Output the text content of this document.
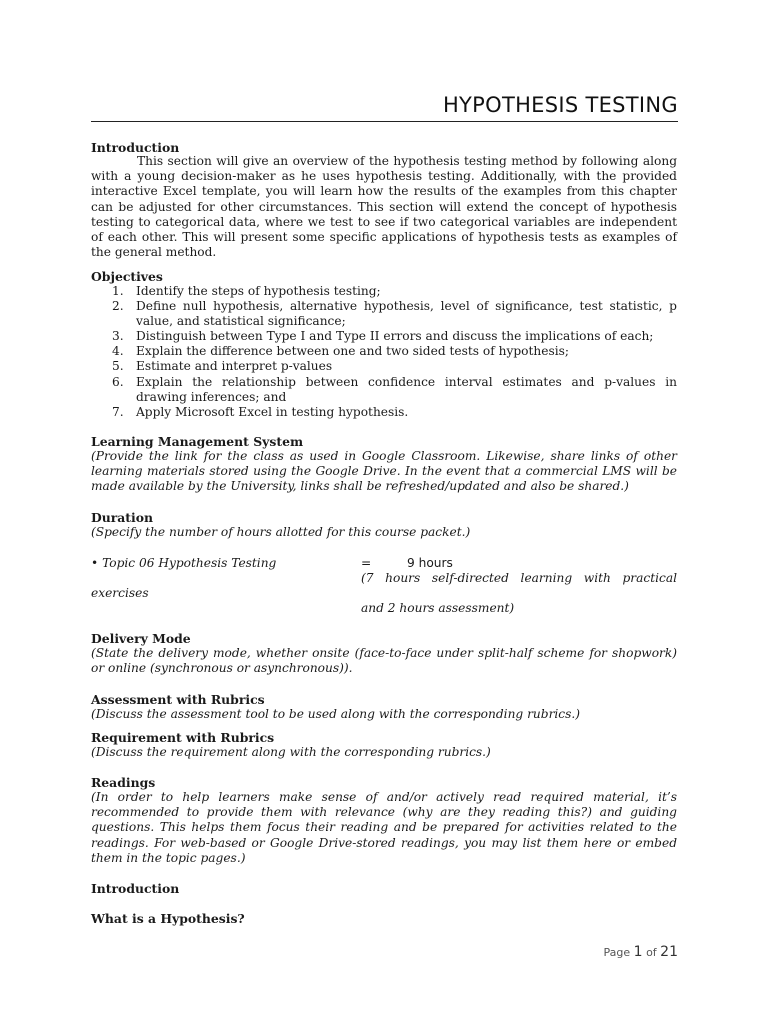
HYPOTHESIS TESTING
Introduction
This section will give an overview of the hypothesis testing method by following along with a young decision-maker as he uses hypothesis testing. Additionally, with the provided interactive Excel template, you will learn how the results of the examples from this chapter can be adjusted for other circumstances. This section will extend the concept of hypothesis testing to categorical data, where we test to see if two categorical variables are independent of each other. This will present some specific applications of hypothesis tests as examples of the general method.
Objectives
1. Identify the steps of hypothesis testing;
2. Define null hypothesis, alternative hypothesis, level of significance, test statistic, p value, and statistical significance;
3. Distinguish between Type I and Type II errors and discuss the implications of each;
4. Explain the difference between one and two sided tests of hypothesis;
5. Estimate and interpret p-values
6. Explain the relationship between confidence interval estimates and p-values in drawing inferences; and
7. Apply Microsoft Excel in testing hypothesis.
Learning Management System
(Provide the link for the class as used in Google Classroom. Likewise, share links of other learning materials stored using the Google Drive. In the event that a commercial LMS will be made available by the University, links shall be refreshed/updated and also be shared.)
Duration
(Specify the number of hours allotted for this course packet.)
• Topic 06 Hypothesis Testing	=	9 hours
(7 hours self-directed learning with practical
exercises
and 2 hours assessment)
Delivery Mode
(State the delivery mode, whether onsite (face-to-face under split-half scheme for shopwork) or online (synchronous or asynchronous)).
Assessment with Rubrics
(Discuss the assessment tool to be used along with the corresponding rubrics.)
Requirement with Rubrics
(Discuss the requirement along with the corresponding rubrics.)
Readings
(In order to help learners make sense of and/or actively read required material, it’s recommended to provide them with relevance (why are they reading this?) and guiding questions. This helps them focus their reading and be prepared for activities related to the readings. For web-based or Google Drive-stored readings, you may list them here or embed them in the topic pages.)
Introduction
What is a Hypothesis?
Page 1 of 21
